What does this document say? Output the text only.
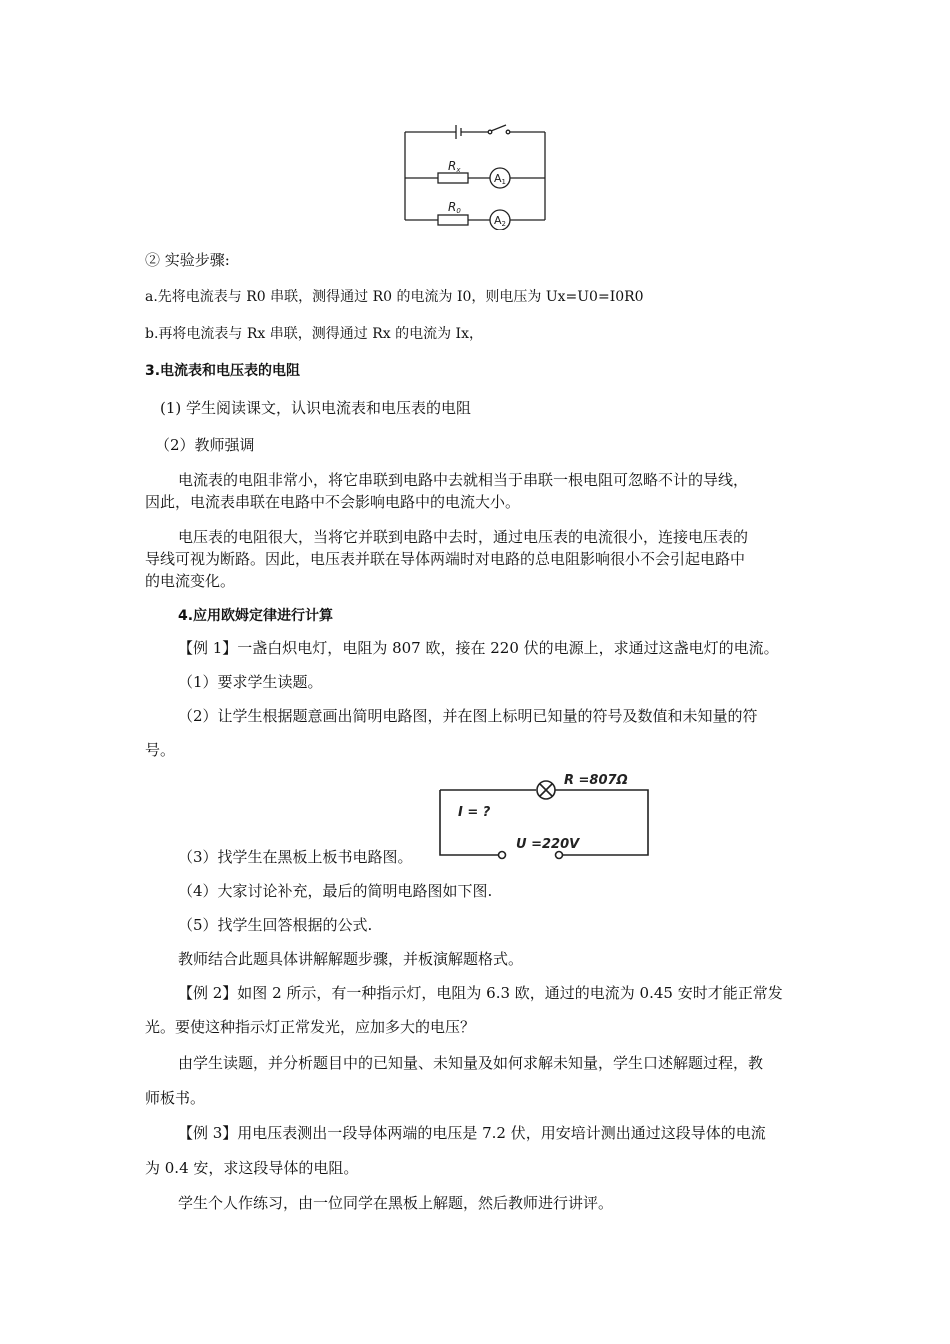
Rx
R0
A1
A2
② 实验步骤:
a.先将电流表与 R0 串联，测得通过 R0 的电流为 I0，则电压为 Ux=U0=I0R0
b.再将电流表与 Rx 串联，测得通过 Rx 的电流为 Ix，
3.电流表和电压表的电阻
(1) 学生阅读课文，认识电流表和电压表的电阻
（2）教师强调
电流表的电阻非常小，将它串联到电路中去就相当于串联一根电阻可忽略不计的导线，
因此，电流表串联在电路中不会影响电路中的电流大小。
电压表的电阻很大，当将它并联到电路中去时，通过电压表的电流很小，连接电压表的
导线可视为断路。因此，电压表并联在导体两端时对电路的总电阻影响很小不会引起电路中
的电流变化。
4.应用欧姆定律进行计算
【例 1】一盏白炽电灯，电阻为 807 欧，接在 220 伏的电源上，求通过这盏电灯的电流。
（1）要求学生读题。
（2）让学生根据题意画出简明电路图，并在图上标明已知量的符号及数值和未知量的符
号。
R =807Ω
I = ?
U =220V
（3）找学生在黑板上板书电路图。
（4）大家讨论补充，最后的简明电路图如下图.
（5）找学生回答根据的公式.
教师结合此题具体讲解解题步骤，并板演解题格式。
【例 2】如图 2 所示，有一种指示灯，电阻为 6.3 欧，通过的电流为 0.45 安时才能正常发
光。要使这种指示灯正常发光，应加多大的电压？
由学生读题，并分析题目中的已知量、未知量及如何求解未知量，学生口述解题过程，教
师板书。
【例 3】用电压表测出一段导体两端的电压是 7.2 伏，用安培计测出通过这段导体的电流
为 0.4 安，求这段导体的电阻。
学生个人作练习，由一位同学在黑板上解题，然后教师进行讲评。
